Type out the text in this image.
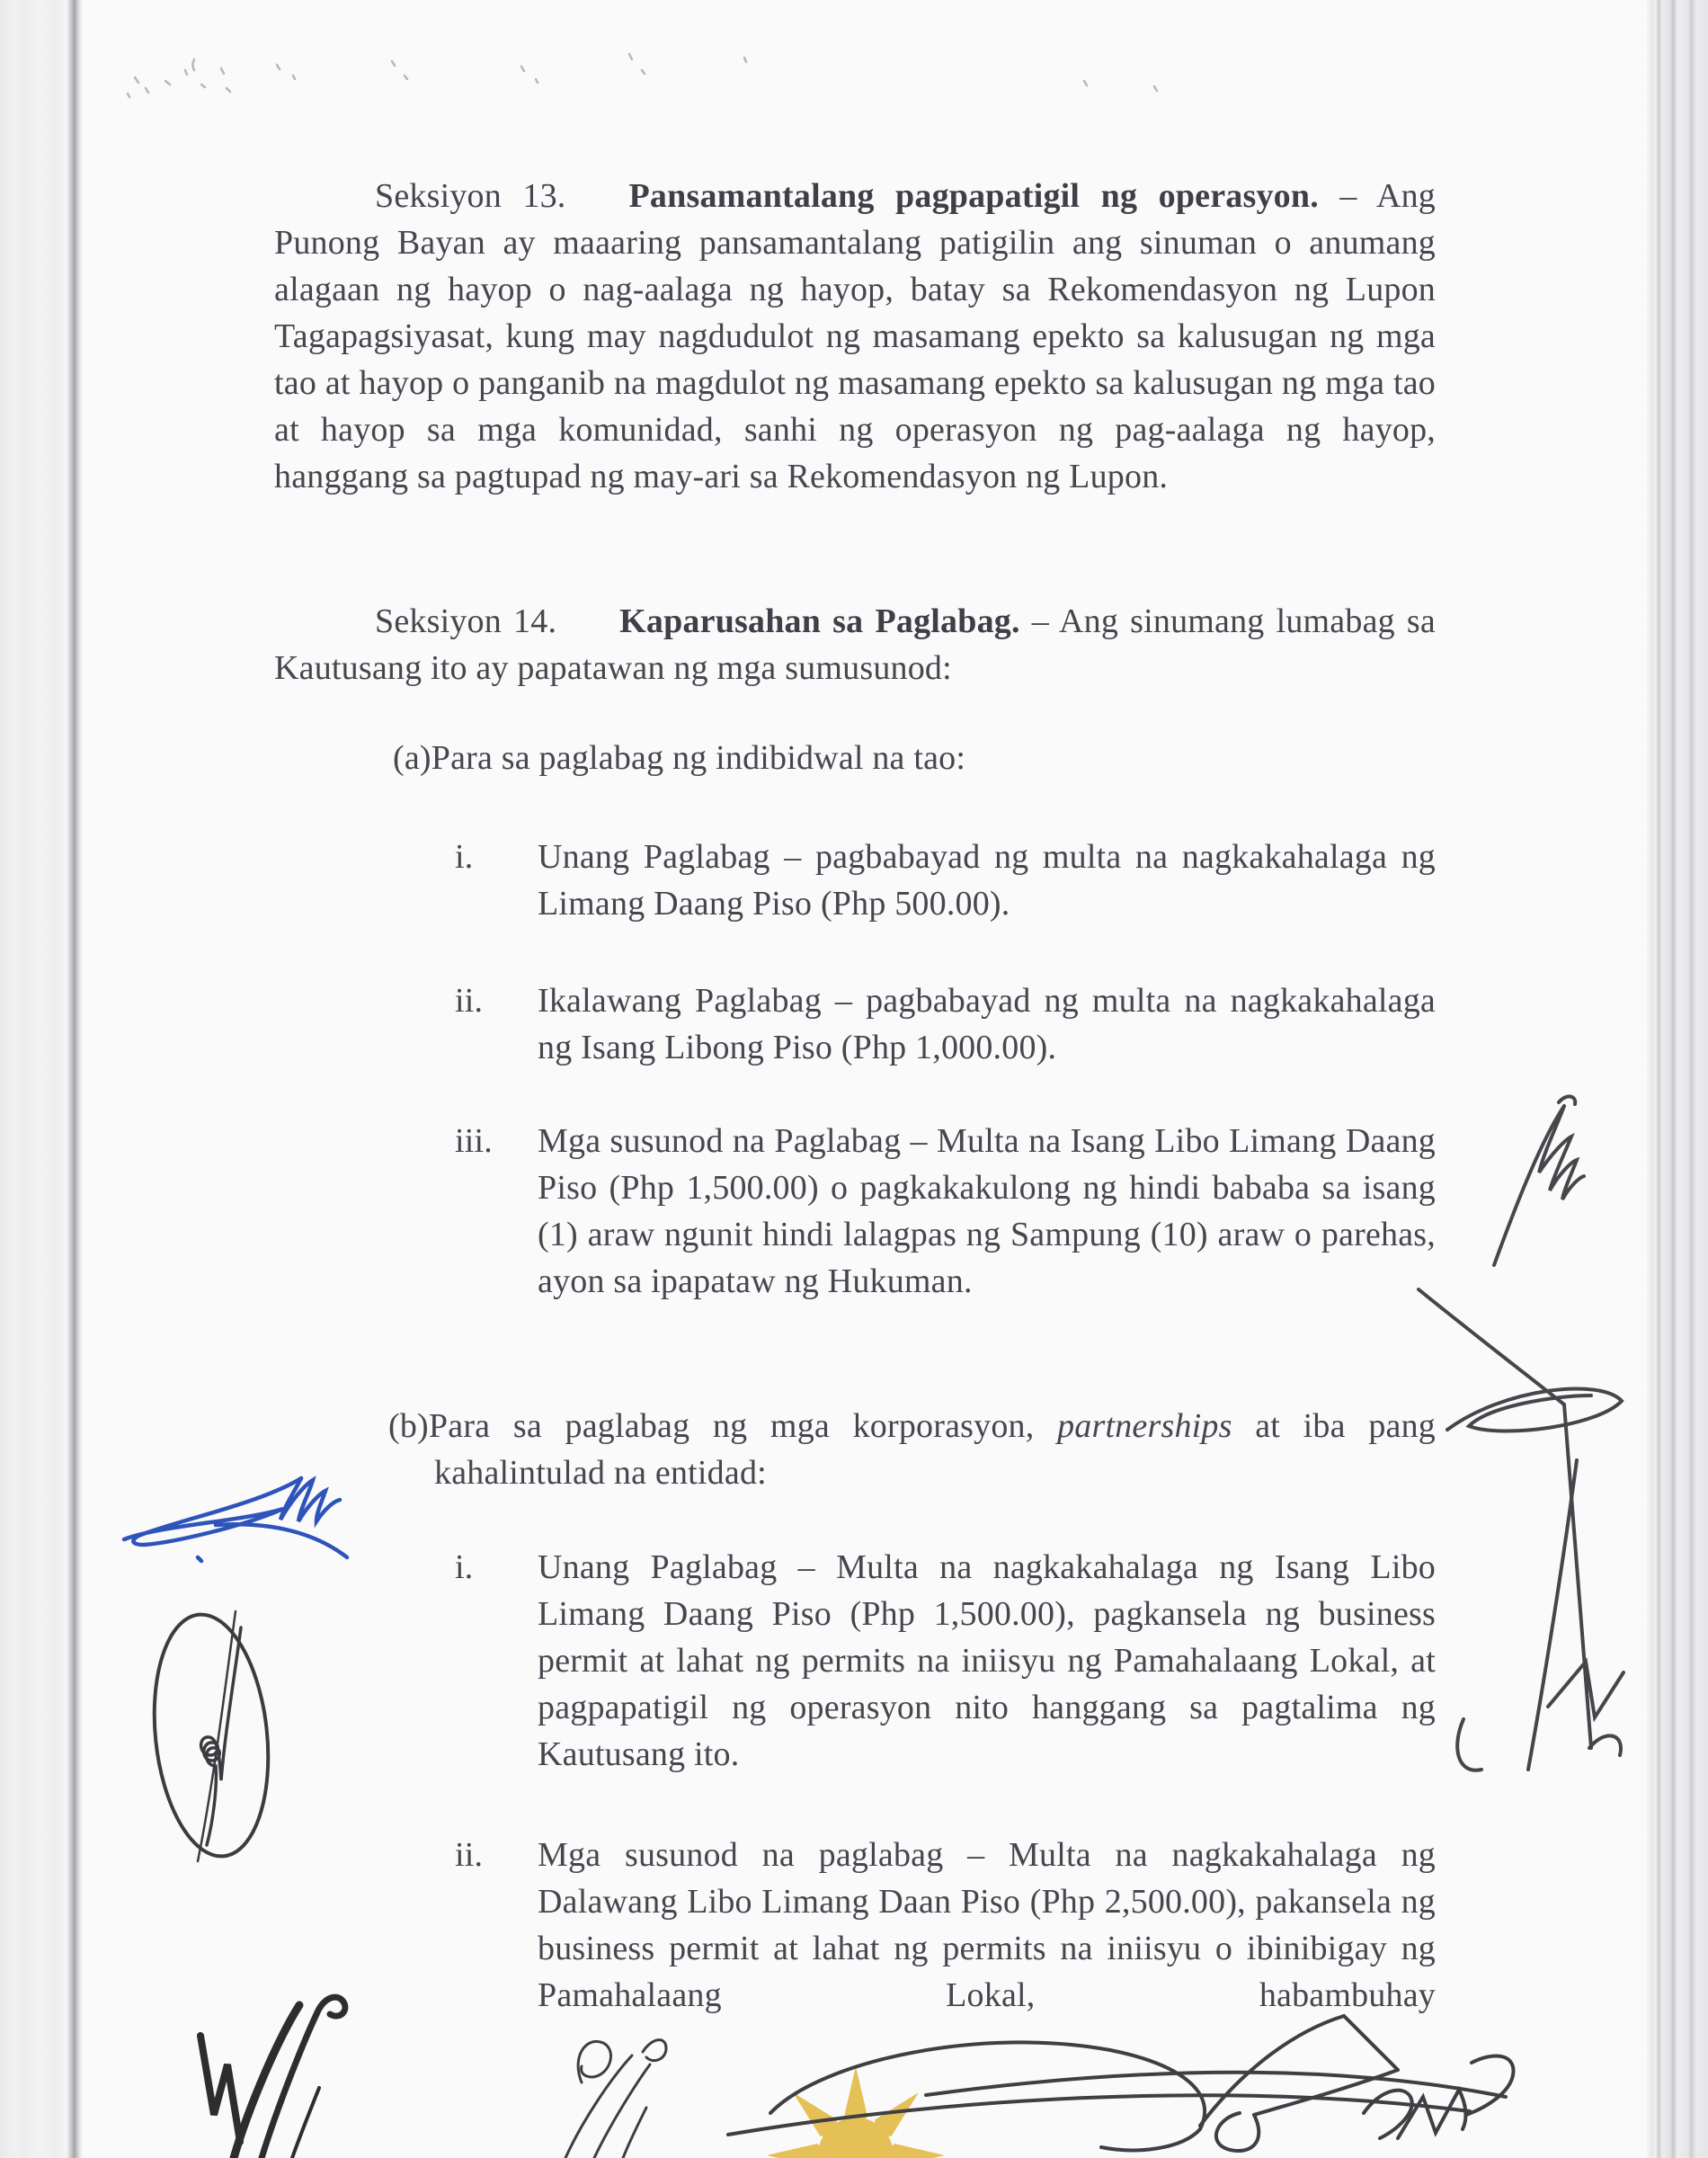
Seksiyon 13. Pansamantalang pagpapatigil ng operasyon. – Ang Punong Bayan ay maaaring pansamantalang patigilin ang sinuman o anumang alagaan ng hayop o nag-aalaga ng hayop, batay sa Rekomendasyon ng Lupon Tagapagsiyasat, kung may nagdudulot ng masamang epekto sa kalusugan ng mga tao at hayop o panganib na magdulot ng masamang epekto sa kalusugan ng mga tao at hayop sa mga komunidad, sanhi ng operasyon ng pag-aalaga ng hayop, hanggang sa pagtupad ng may-ari sa Rekomendasyon ng Lupon.

Seksiyon 14. Kaparusahan sa Paglabag. – Ang sinumang lumabag sa Kautusang ito ay papatawan ng mga sumusunod:

(a)Para sa paglabag ng indibidwal na tao:
i. Unang Paglabag – pagbabayad ng multa na nagkakahalaga ng Limang Daang Piso (Php 500.00).
ii. Ikalawang Paglabag – pagbabayad ng multa na nagkakahalaga ng Isang Libong Piso (Php 1,000.00).
iii. Mga susunod na Paglabag – Multa na Isang Libo Limang Daang Piso (Php 1,500.00) o pagkakakulong ng hindi bababa sa isang (1) araw ngunit hindi lalagpas ng Sampung (10) araw o parehas, ayon sa ipapataw ng Hukuman.
(b)Para sa paglabag ng mga korporasyon, partnerships at iba pang kahalintulad na entidad:
i. Unang Paglabag – Multa na nagkakahalaga ng Isang Libo Limang Daang Piso (Php 1,500.00), pagkansela ng business permit at lahat ng permits na iniisyu ng Pamahalaang Lokal, at pagpapatigil ng operasyon nito hanggang sa pagtalima ng Kautusang ito.
ii. Mga susunod na paglabag – Multa na nagkakahalaga ng Dalawang Libo Limang Daan Piso (Php 2,500.00), pakansela ng business permit at lahat ng permits na iniisyu o ibinibigay ng Pamahalaang Lokal, habambuhay
